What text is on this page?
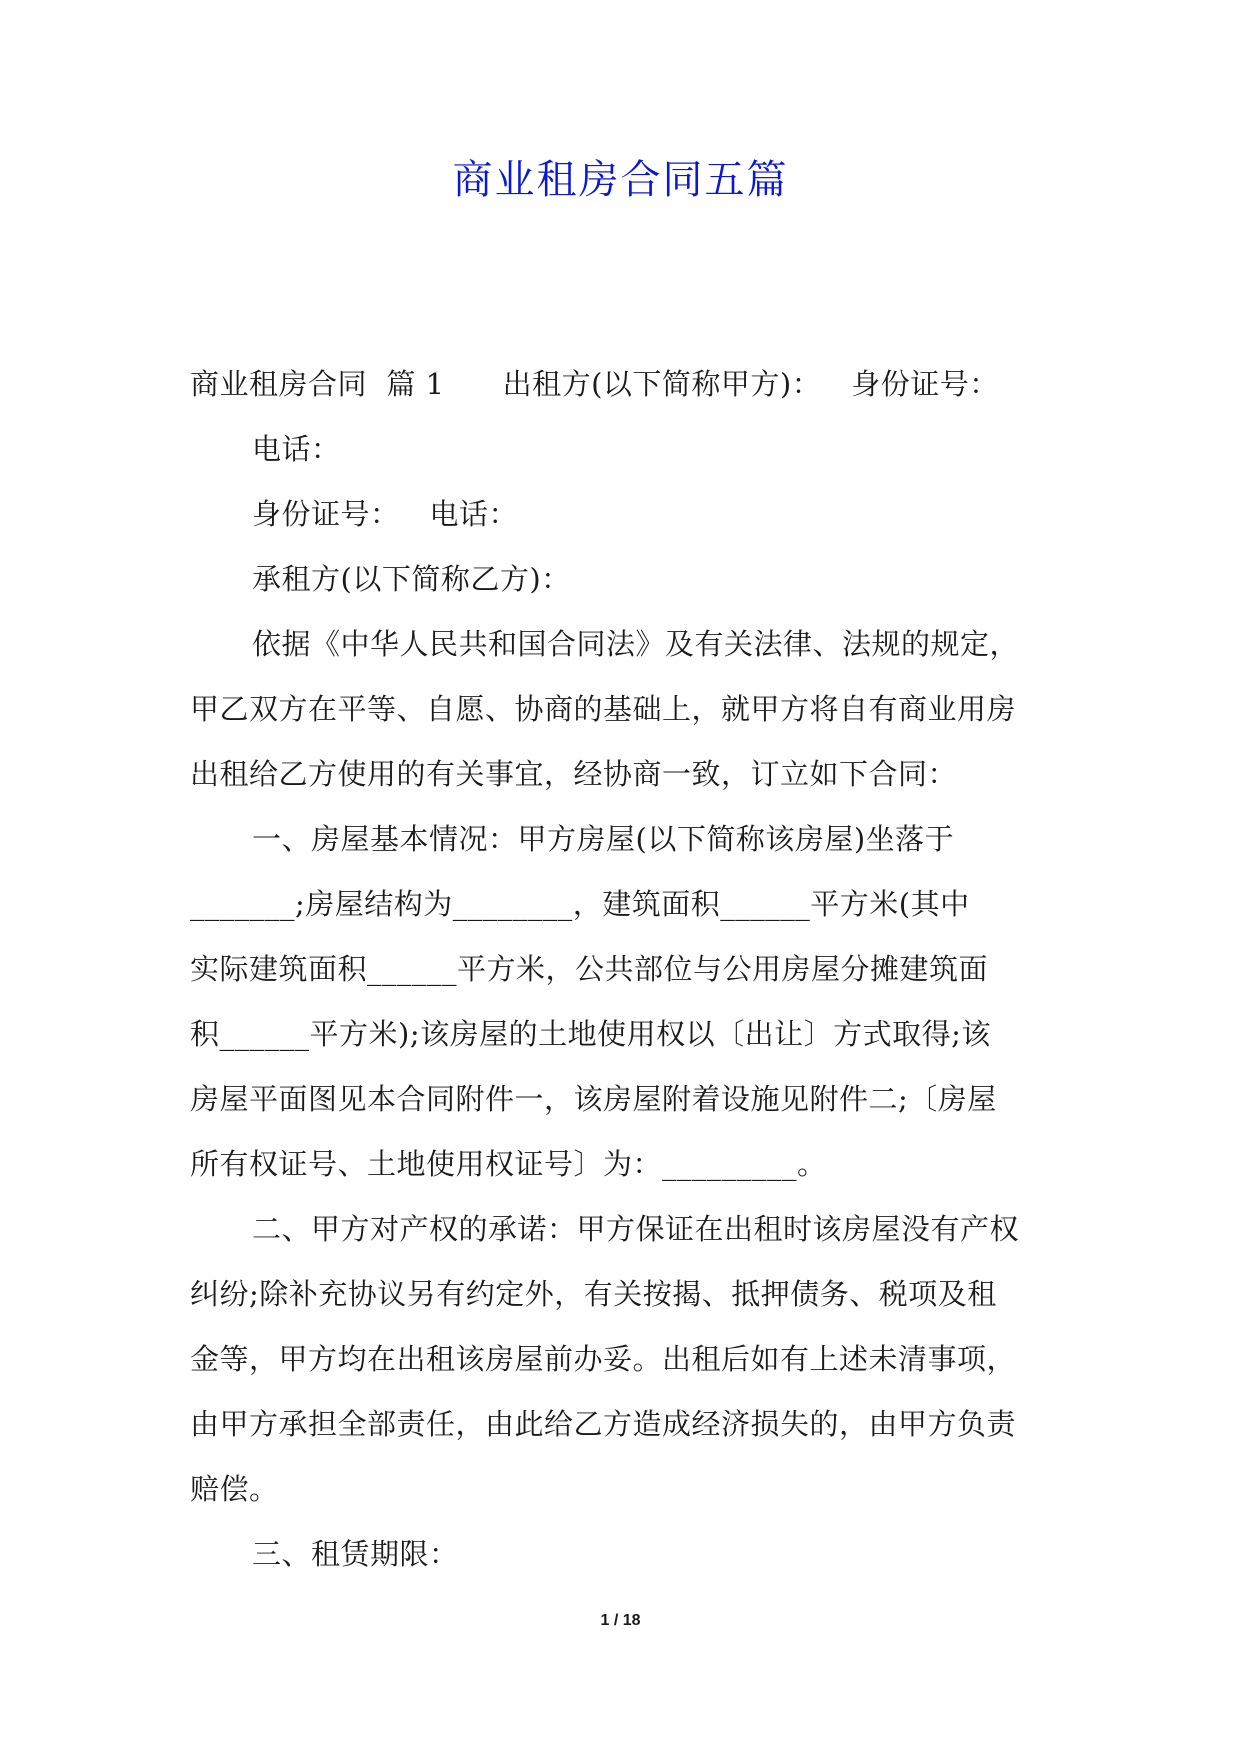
商业租房合同五篇
商业租房合同  篇 1 出租方(以下简称甲方)： 身份证号：
电话：
身份证号： 电话：
承租方(以下简称乙方)：
依据《中华人民共和国合同法》及有关法律、法规的规定，
甲乙双方在平等、自愿、协商的基础上，就甲方将自有商业用房
出租给乙方使用的有关事宜，经协商一致，订立如下合同：
一、房屋基本情况：甲方房屋(以下简称该房屋)坐落于
_______;房屋结构为________，建筑面积______平方米(其中
实际建筑面积______平方米，公共部位与公用房屋分摊建筑面
积______平方米);该房屋的土地使用权以〔出让〕方式取得;该
房屋平面图见本合同附件一，该房屋附着设施见附件二;〔房屋
所有权证号、土地使用权证号〕为：_________。
二、甲方对产权的承诺：甲方保证在出租时该房屋没有产权
纠纷;除补充协议另有约定外，有关按揭、抵押债务、税项及租
金等，甲方均在出租该房屋前办妥。出租后如有上述未清事项，
由甲方承担全部责任，由此给乙方造成经济损失的，由甲方负责
赔偿。
三、租赁期限：
1 / 18
